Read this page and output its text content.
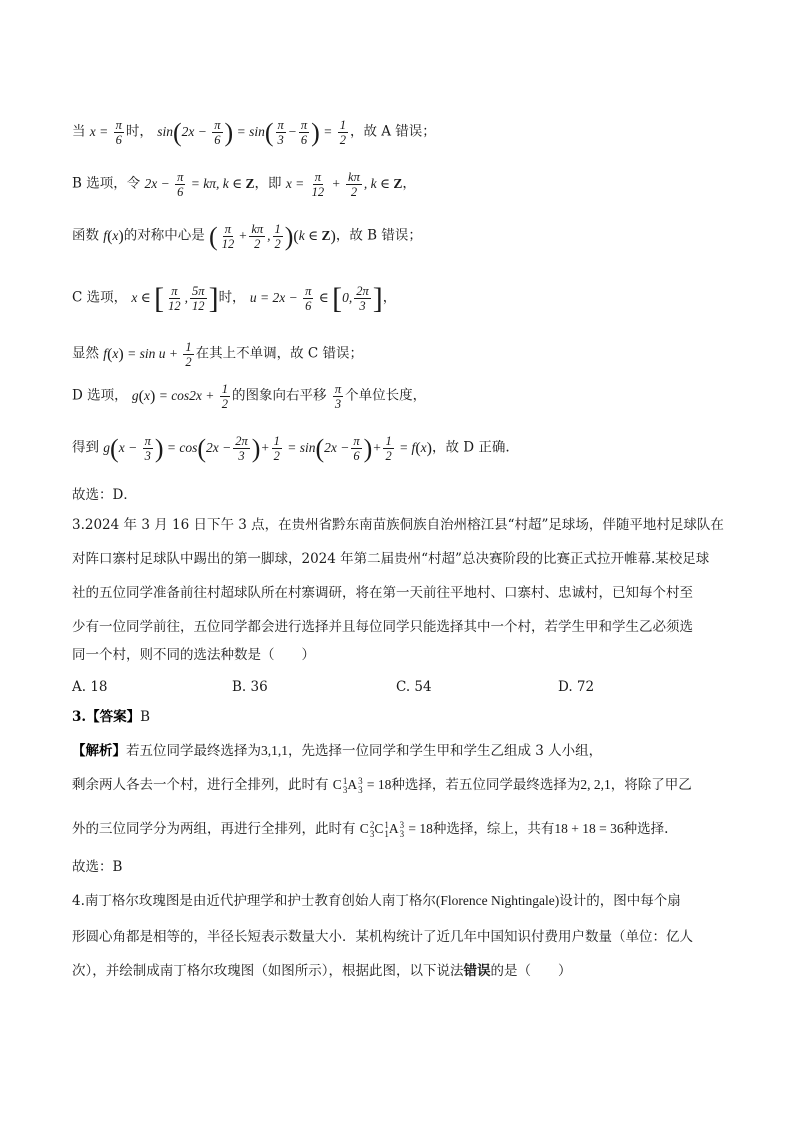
当 $x = \frac{\pi}{6}$ 时， $\sin(2x - \frac{\pi}{6}$ ) = $\sin( \frac{\pi}{3} - \frac{\pi}{6}$ ) = $\frac{1}{2}$ ，故 A 错误；
B 选项，令 $2x - \frac{\pi}{6} = k\pi$, k ∈ Z，即 $x = \frac{\pi}{12} + \frac{k\pi}{2}$ , k ∈ Z，
函数 f(x)的对称中心是 ( $\frac{\pi}{12} + \frac{k\pi}{2}$ , $\frac{1}{2} )(k$ ∈ Z)，故 B 错误；
C 选项， x ∈ [ $\frac{\pi}{12}$ , $\frac{5\pi}{12}$ ]时， $u = 2x - \frac{\pi}{6}$ ∈ [0, $\frac{2\pi}{3}$ ]，
显然 $f(x) = \sin u + \frac{1}{2}$ 在其上不单调，故 C 错误；
D 选项， $g(x) = \cos 2x + \frac{1}{2}$ 的图象向右平移 $\frac{\pi}{3}$ 个单位长度，
得到 $g(x - \frac{\pi}{3}$ ) = $\cos(2x - \frac{2\pi}{3}$ )+ $\frac{1}{2} = \sin(2x - \frac{\pi}{6}$ )+ $\frac{1}{2} = f(x)$，故 D 正确.
故选：D．
3.2024 年 3 月 16 日下午 3 点，在贵州省黔东南苗族侗族自治州榕江县“村超”足球场，伴随平地村足球队在
对阵口寨村足球队中踢出的第一脚球，2024 年第二届贵州“村超”总决赛阶段的比赛正式拉开帷幕.某校足球
社的五位同学准备前往村超球队所在村寨调研，将在第一天前往平地村、口寨村、忠诚村，已知每个村至
少有一位同学前往，五位同学都会进行选择并且每位同学只能选择其中一个村，若学生甲和学生乙必须选
同一个村，则不同的选法种数是（　　）
A. 18	B. 36	C. 54	D. 72
3.【答案】B
【解析】若五位同学最终选择为3,1,1，先选择一位同学和学生甲和学生乙组成 3 人小组，
剩余两人各去一个村，进行全排列，此时有 C 1
3 A 3
3 = 18种选择，若五位同学最终选择为2, 2,1，将除了甲乙
外的三位同学分为两组，再进行全排列，此时有 C 2
3 C 1
1 A 3
3 = 18种选择，综上，共有18 + 18 = 36种选择.
故选：B
4.南丁格尔玫瑰图是由近代护理学和护士教育创始人南丁格尔(Florence Nightingale)设计的，图中每个扇
形圆心角都是相等的，半径长短表示数量大小．某机构统计了近几年中国知识付费用户数量（单位：亿人
次），并绘制成南丁格尔玫瑰图（如图所示），根据此图，以下说法错误的是（　　）
